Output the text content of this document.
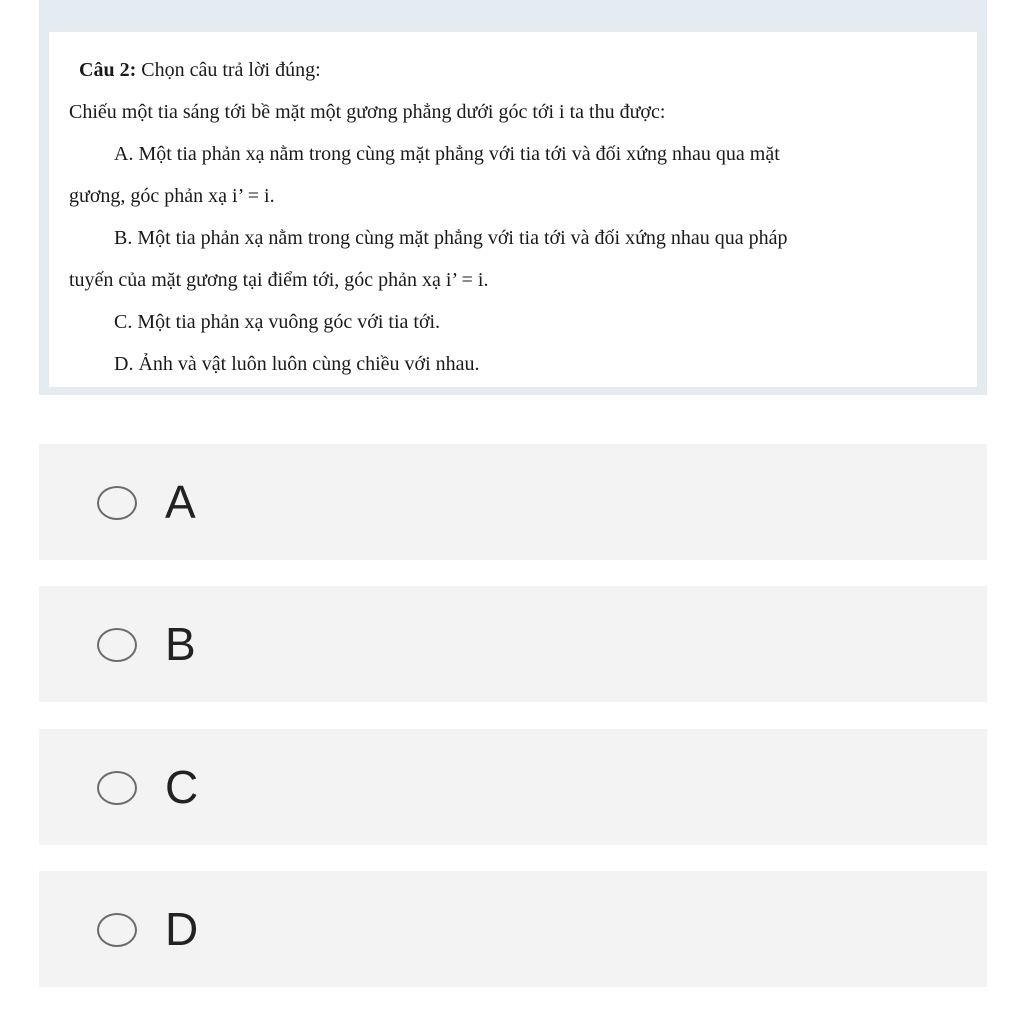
Câu 2: Chọn câu trả lời đúng:

Chiếu một tia sáng tới bề mặt một gương phẳng dưới góc tới i ta thu được:

A. Một tia phản xạ nằm trong cùng mặt phẳng với tia tới và đối xứng nhau qua mặt

gương, góc phản xạ i’ = i.

B. Một tia phản xạ nằm trong cùng mặt phẳng với tia tới và đối xứng nhau qua pháp

tuyến của mặt gương tại điểm tới, góc phản xạ i’ = i.

C. Một tia phản xạ vuông góc với tia tới.

D. Ảnh và vật luôn luôn cùng chiều với nhau.

A
B
C
D
